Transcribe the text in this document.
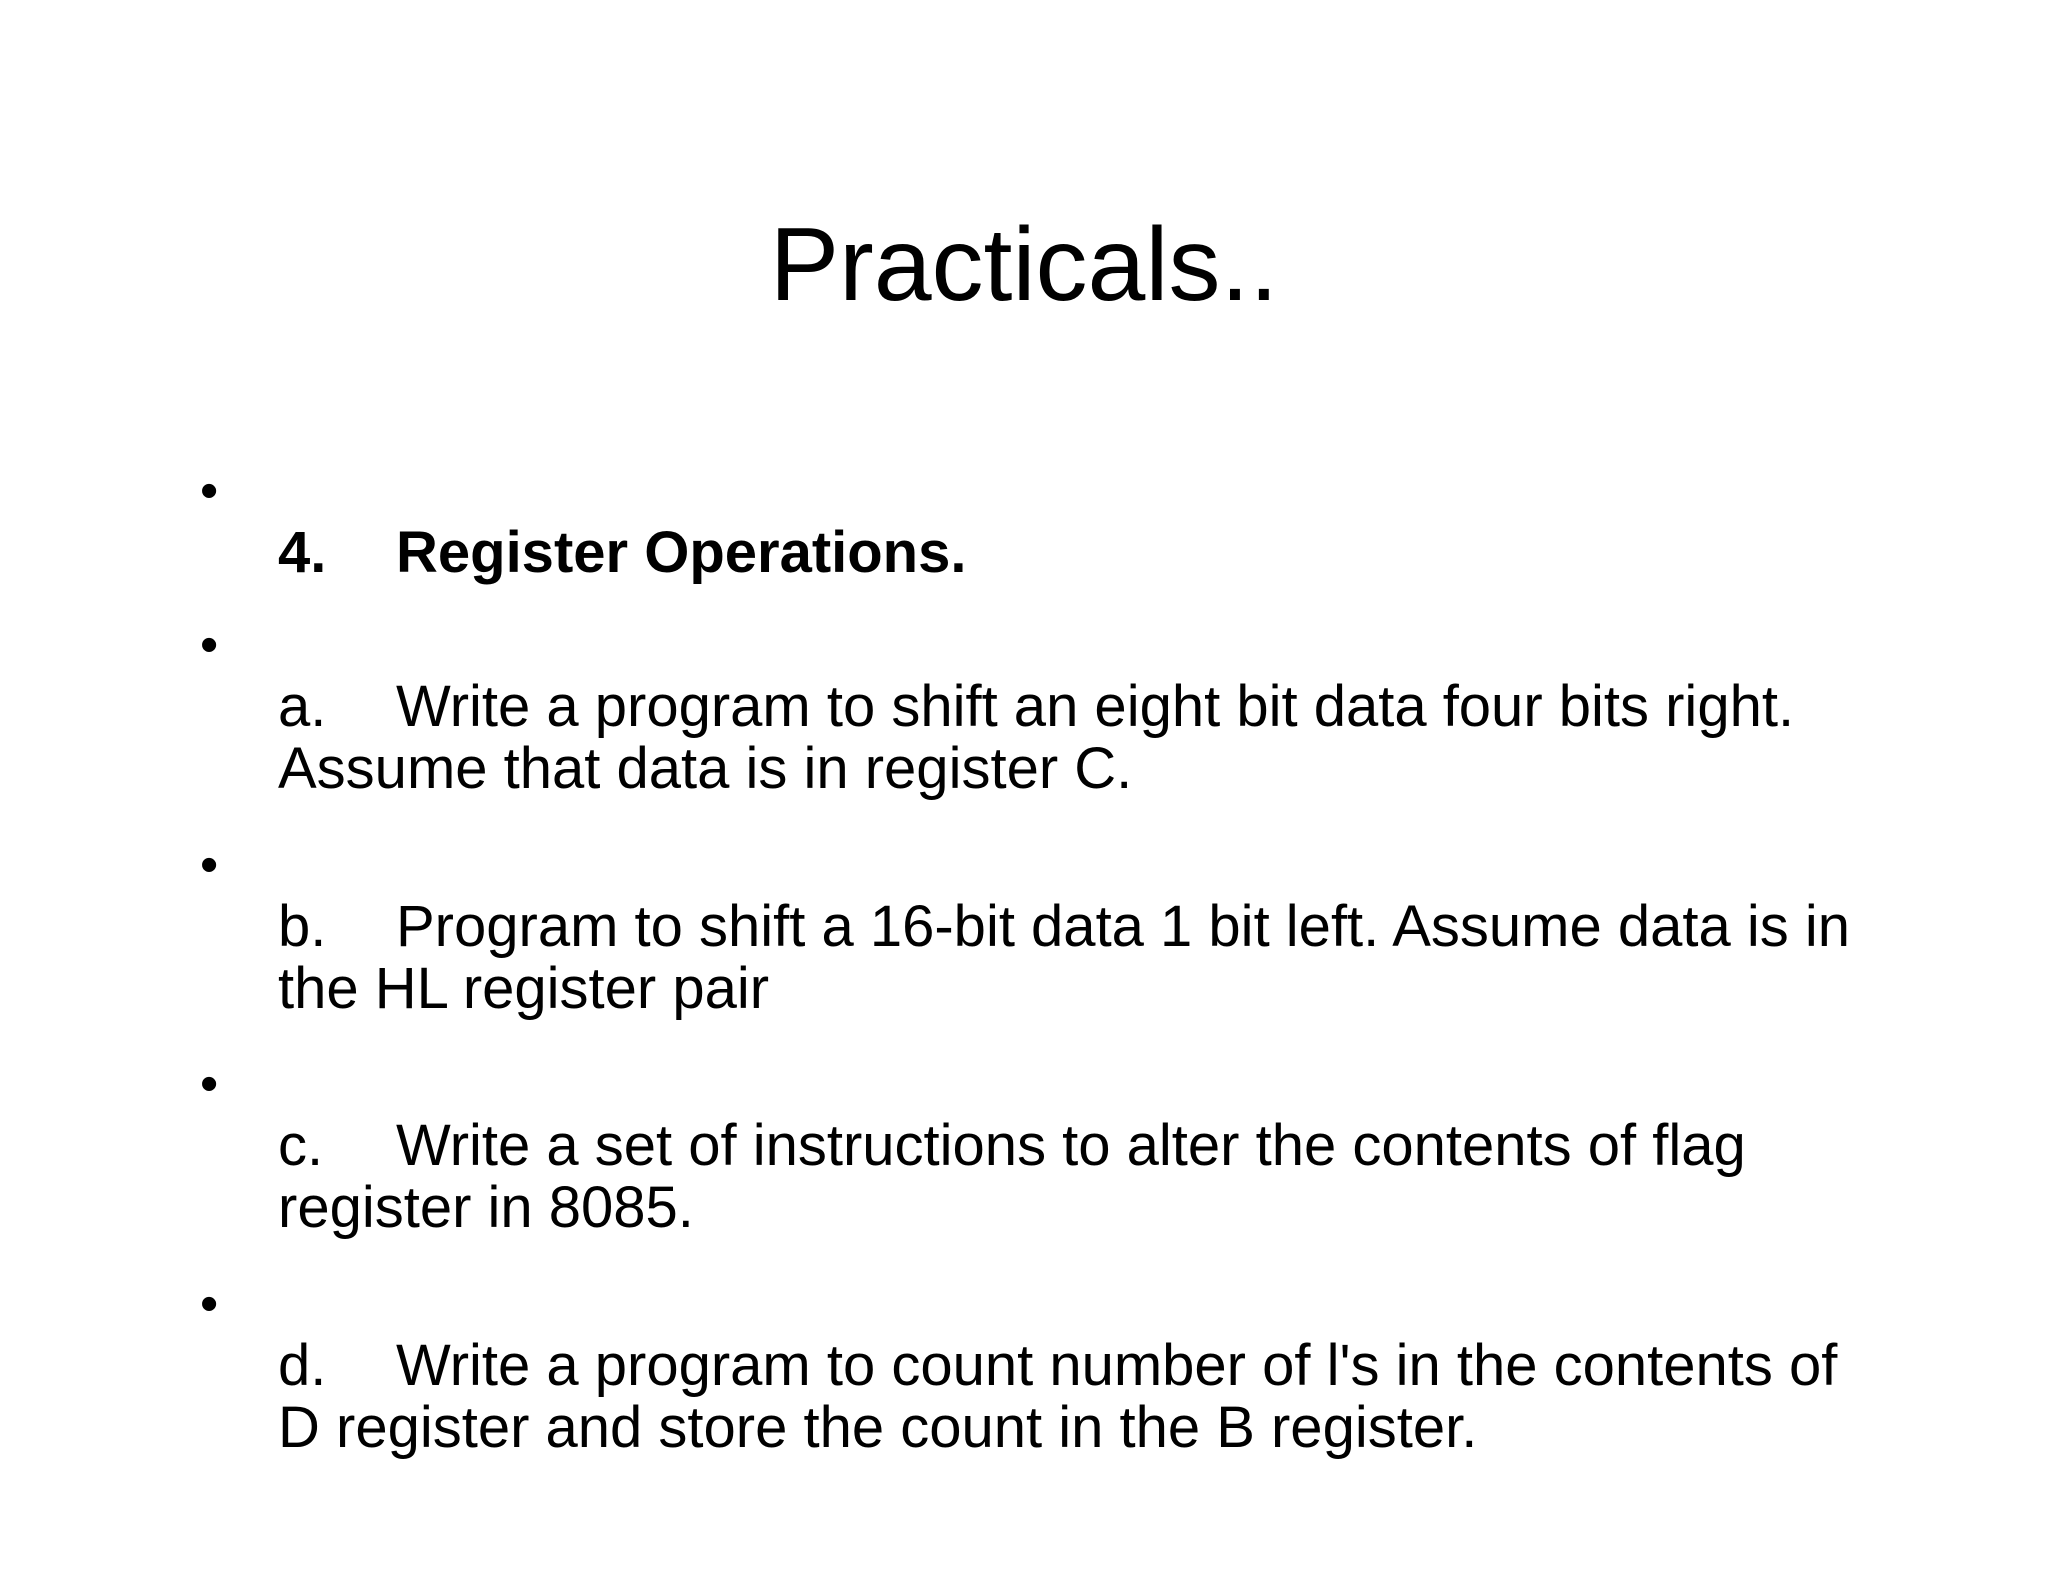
Practicals..
•

4. Register Operations.

•

a. Write a program to shift an eight bit data four bits right. Assume that data is in register C.

•

b. Program to shift a 16-bit data 1 bit left. Assume data is in the HL register pair

•

c. Write a set of instructions to alter the contents of flag register in 8085.

•

d. Write a program to count number of l's in the contents of D register and store the count in the B register.
